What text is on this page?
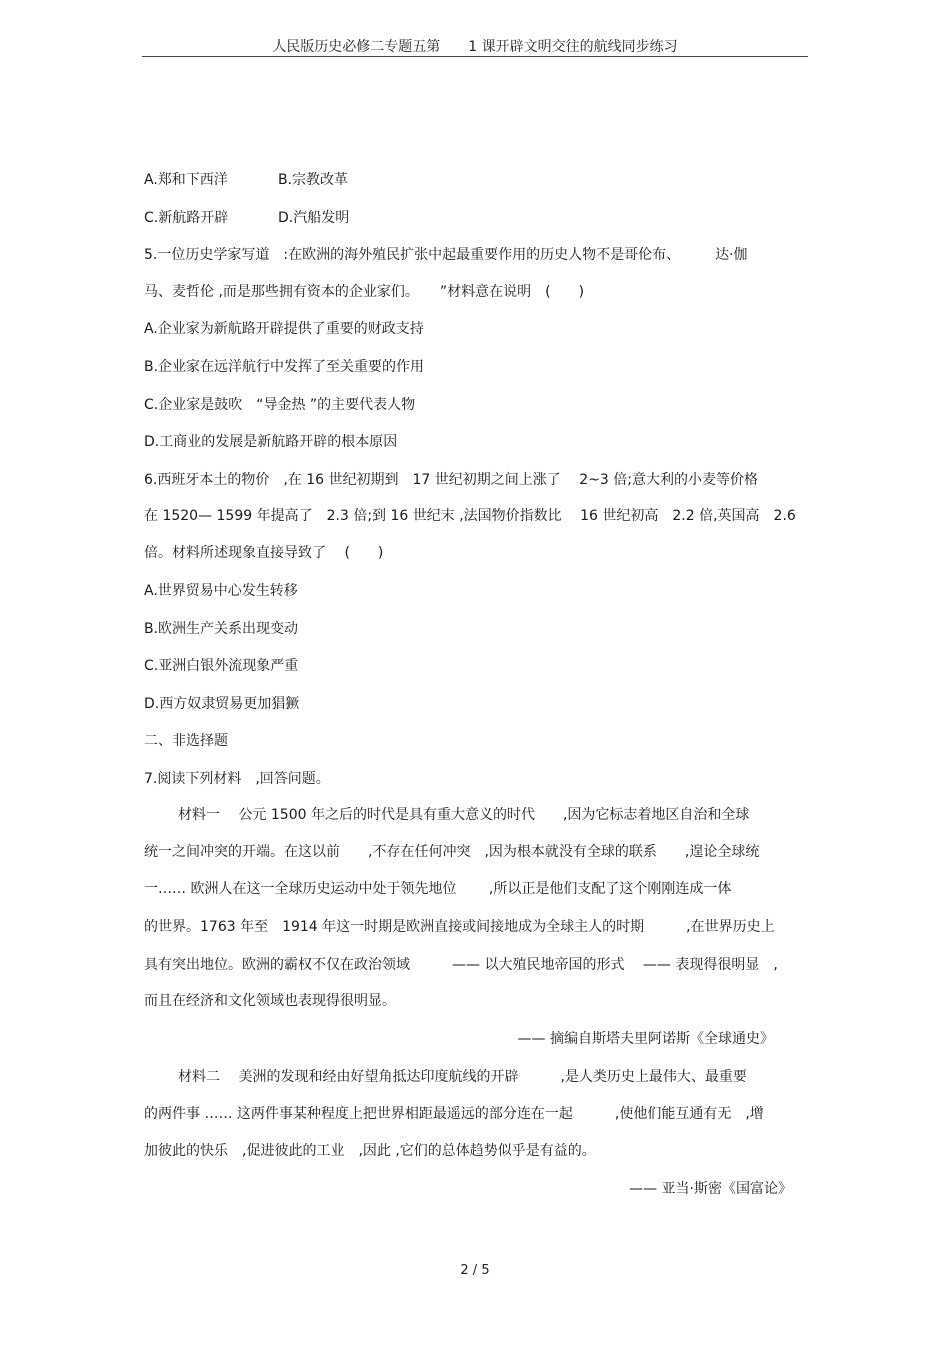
人民版历史必修二专题五第　　1 课开辟文明交往的航线同步练习
A.郑和下西洋	B.宗教改革
C.新航路开辟	D.汽船发明
5.一位历史学家写道　:在欧洲的海外殖民扩张中起最重要作用的历史人物不是哥伦布、　　　达·伽
马、麦哲伦 ,而是那些拥有资本的企业家们。　　”材料意在说明　(　　)
A.企业家为新航路开辟提供了重要的财政支持
B.企业家在远洋航行中发挥了至关重要的作用
C.企业家是鼓吹　“导金热 ”的主要代表人物
D.工商业的发展是新航路开辟的根本原因
6.西班牙本土的物价　,在 16 世纪初期到　17 世纪初期之间上涨了　 2~3 倍;意大利的小麦等价格
在 1520— 1599 年提高了　2.3 倍;到 16 世纪末 ,法国物价指数比　 16 世纪初高　2.2 倍,英国高　2.6
倍。材料所述现象直接导致了　 (　　)
A.世界贸易中心发生转移
B.欧洲生产关系出现变动
C.亚洲白银外流现象严重
D.西方奴隶贸易更加猖獗
二、非选择题
7.阅读下列材料　,回答问题。
材料一　 公元 1500 年之后的时代是具有重大意义的时代　　,因为它标志着地区自治和全球
统一之间冲突的开端。在这以前　　,不存在任何冲突　,因为根本就没有全球的联系　　,遑论全球统
一…… 欧洲人在这一全球历史运动中处于领先地位　　 ,所以正是他们支配了这个刚刚连成一体
的世界。1763 年至　1914 年这一时期是欧洲直接或间接地成为全球主人的时期　　　,在世界历史上
具有突出地位。欧洲的霸权不仅在政治领域　　　—— 以大殖民地帝国的形式　 —— 表现得很明显　,
而且在经济和文化领域也表现得很明显。
—— 摘编自斯塔夫里阿诺斯《全球通史》
材料二　 美洲的发现和经由好望角抵达印度航线的开辟　　　,是人类历史上最伟大、最重要
的两件事 …… 这两件事某种程度上把世界相距最遥远的部分连在一起　　　,使他们能互通有无　,增
加彼此的快乐　,促进彼此的工业　,因此 ,它们的总体趋势似乎是有益的。
—— 亚当·斯密《国富论》
2 / 5
